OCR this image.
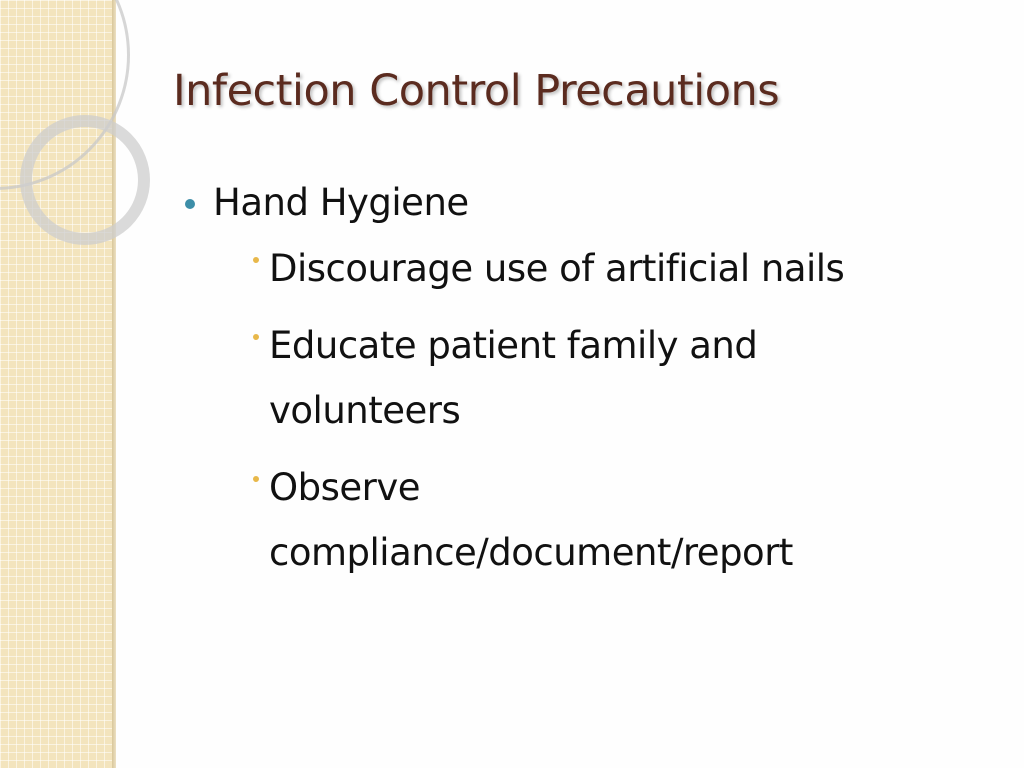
Infection Control Precautions
Hand Hygiene
Discourage use of artificial nails
Educate patient family and volunteers
Observe compliance/document/report
